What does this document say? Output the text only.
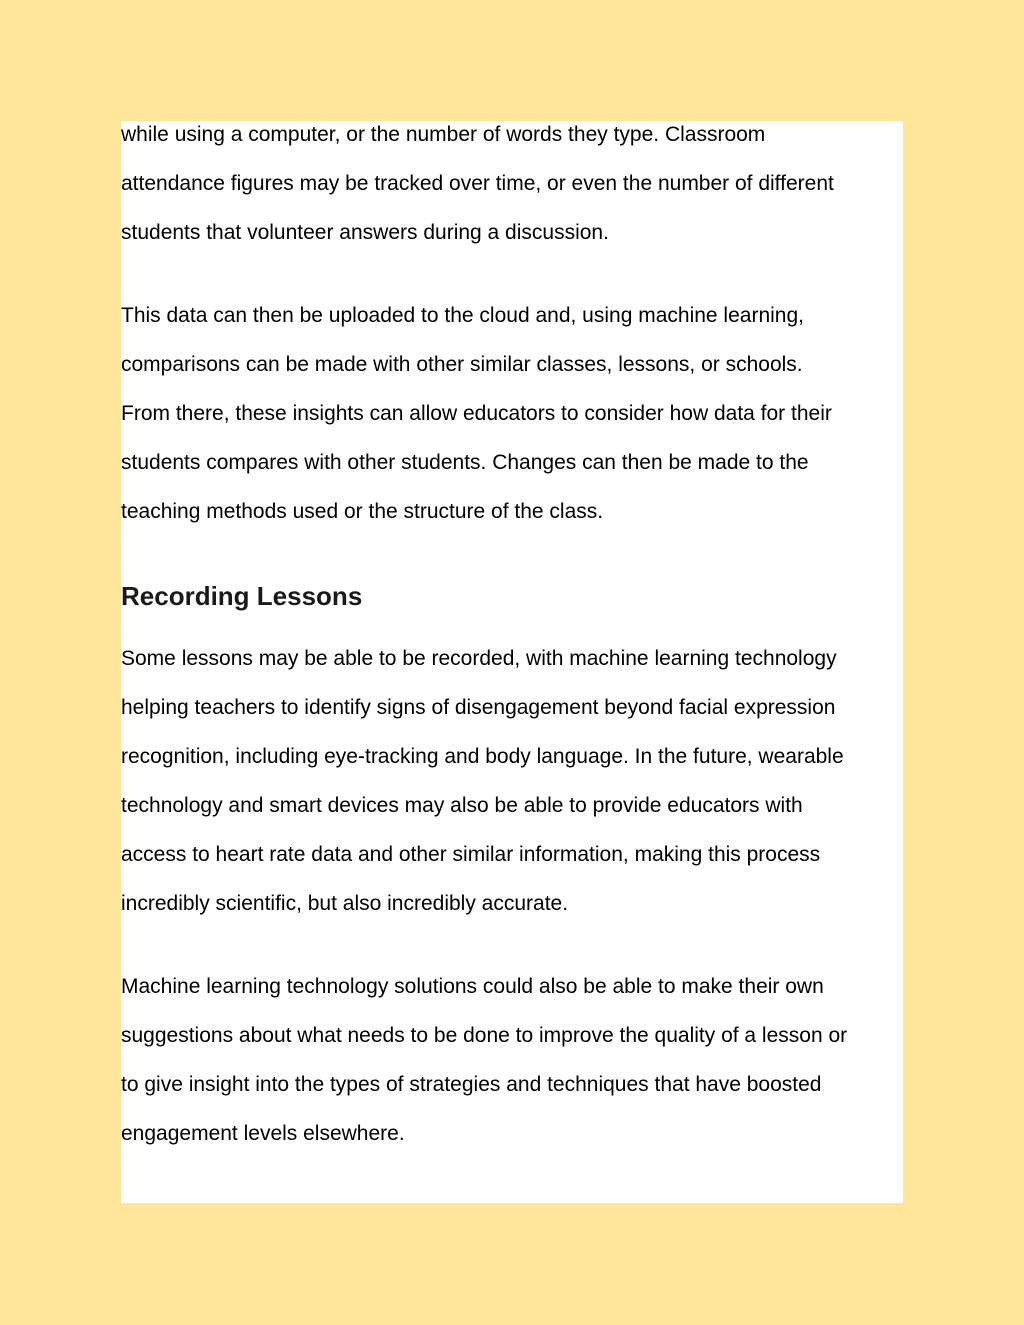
while using a computer, or the number of words they type. Classroom
attendance figures may be tracked over time, or even the number of different
students that volunteer answers during a discussion.

This data can then be uploaded to the cloud and, using machine learning,
comparisons can be made with other similar classes, lessons, or schools.
From there, these insights can allow educators to consider how data for their
students compares with other students. Changes can then be made to the
teaching methods used or the structure of the class.

Recording Lessons

Some lessons may be able to be recorded, with machine learning technology
helping teachers to identify signs of disengagement beyond facial expression
recognition, including eye-tracking and body language. In the future, wearable
technology and smart devices may also be able to provide educators with
access to heart rate data and other similar information, making this process
incredibly scientific, but also incredibly accurate.

Machine learning technology solutions could also be able to make their own
suggestions about what needs to be done to improve the quality of a lesson or
to give insight into the types of strategies and techniques that have boosted
engagement levels elsewhere.
